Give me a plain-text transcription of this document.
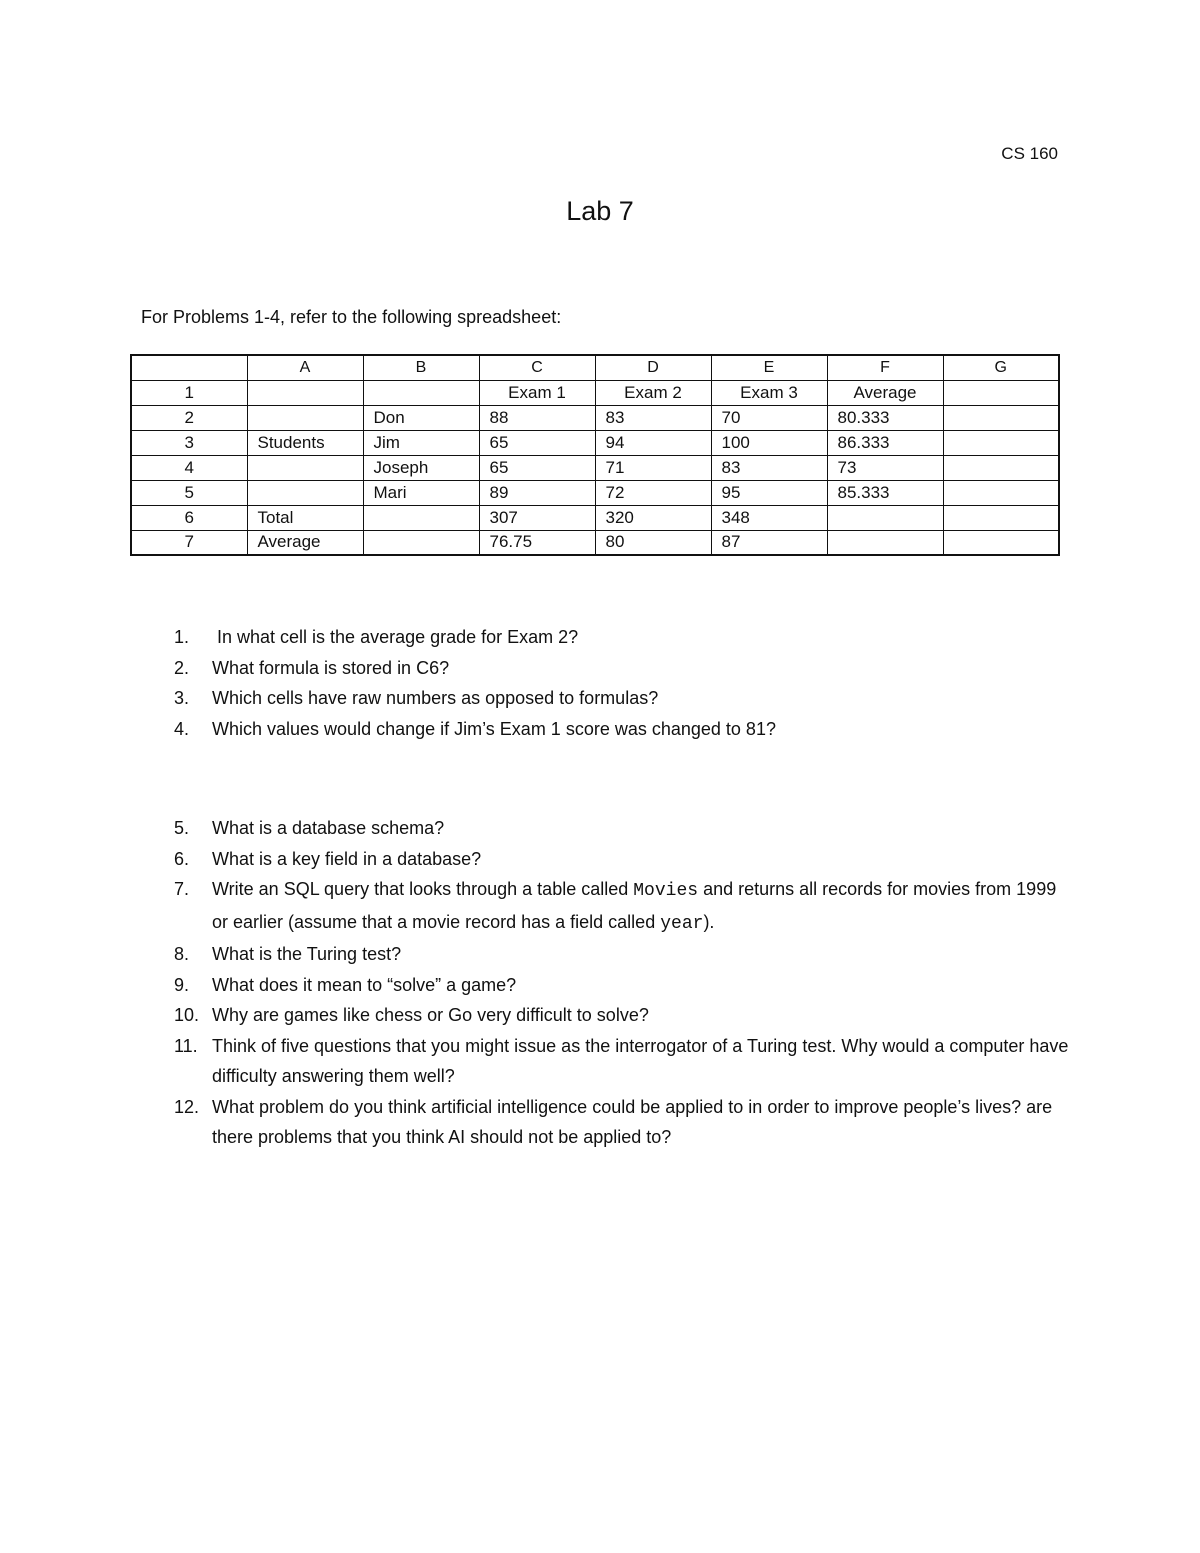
CS 160
Lab 7
For Problems 1-4, refer to the following spreadsheet:
	A	B	C	D	E	F	G
1			Exam 1	Exam 2	Exam 3	Average	
2		Don	88	83	70	80.333	
3	Students	Jim	65	94	100	86.333	
4		Joseph	65	71	83	73	
5		Mari	89	72	95	85.333	
6	Total		307	320	348		
7	Average		76.75	80	87		
1. In what cell is the average grade for Exam 2?
2. What formula is stored in C6?
3. Which cells have raw numbers as opposed to formulas?
4. Which values would change if Jim’s Exam 1 score was changed to 81?
5. What is a database schema?
6. What is a key field in a database?
7. Write an SQL query that looks through a table called Movies and returns all records for movies from 1999 or earlier (assume that a movie record has a field called year).
8. What is the Turing test?
9. What does it mean to “solve” a game?
10. Why are games like chess or Go very difficult to solve?
11. Think of five questions that you might issue as the interrogator of a Turing test. Why would a computer have difficulty answering them well?
12. What problem do you think artificial intelligence could be applied to in order to improve people’s lives? are there problems that you think AI should not be applied to?
